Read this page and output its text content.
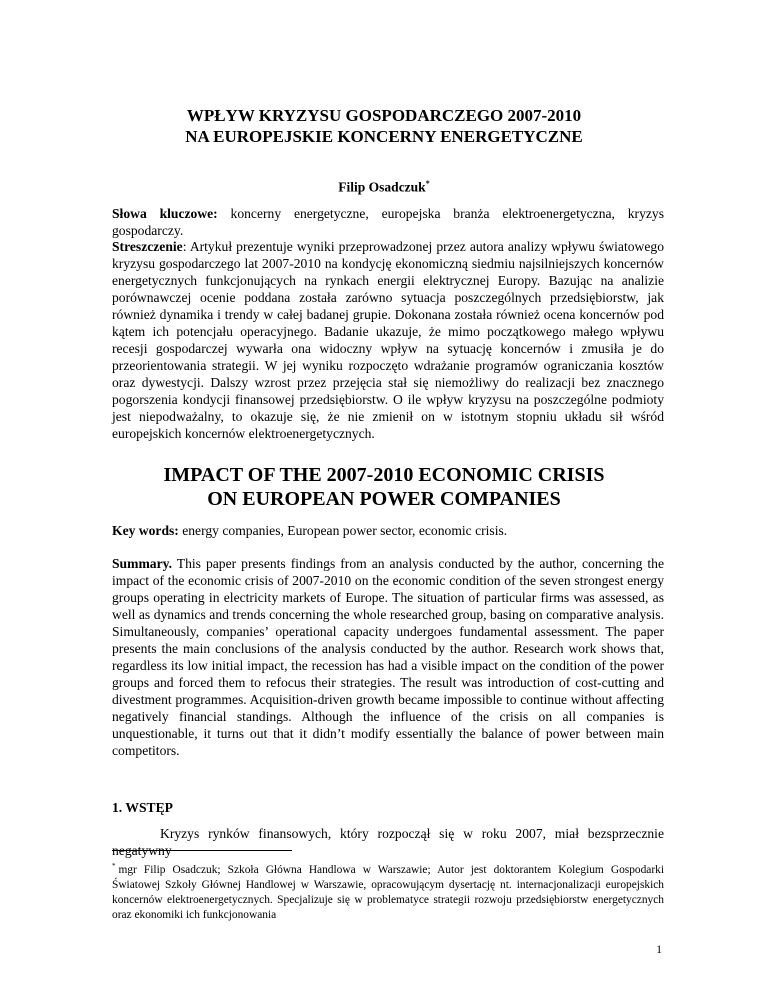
WPŁYW KRYZYSU GOSPODARCZEGO 2007-2010
NA EUROPEJSKIE KONCERNY ENERGETYCZNE
Filip Osadczuk*
Słowa kluczowe: koncerny energetyczne, europejska branża elektroenergetyczna, kryzys gospodarczy.
Streszczenie: Artykuł prezentuje wyniki przeprowadzonej przez autora analizy wpływu światowego kryzysu gospodarczego lat 2007-2010 na kondycję ekonomiczną siedmiu najsilniejszych koncernów energetycznych funkcjonujących na rynkach energii elektrycznej Europy. Bazując na analizie porównawczej ocenie poddana została zarówno sytuacja poszczególnych przedsiębiorstw, jak również dynamika i trendy w całej badanej grupie. Dokonana została również ocena koncernów pod kątem ich potencjału operacyjnego. Badanie ukazuje, że mimo początkowego małego wpływu recesji gospodarczej wywarła ona widoczny wpływ na sytuację koncernów i zmusiła je do przeorientowania strategii. W jej wyniku rozpoczęto wdrażanie programów ograniczania kosztów oraz dywestycji. Dalszy wzrost przez przejęcia stał się niemożliwy do realizacji bez znacznego pogorszenia kondycji finansowej przedsiębiorstw. O ile wpływ kryzysu na poszczególne podmioty jest niepodważalny, to okazuje się, że nie zmienił on w istotnym stopniu układu sił wśród europejskich koncernów elektroenergetycznych.
IMPACT OF THE 2007-2010 ECONOMIC CRISIS
ON EUROPEAN POWER COMPANIES
Key words: energy companies, European power sector, economic crisis.
Summary. This paper presents findings from an analysis conducted by the author, concerning the impact of the economic crisis of 2007-2010 on the economic condition of the seven strongest energy groups operating in electricity markets of Europe. The situation of particular firms was assessed, as well as dynamics and trends concerning the whole researched group, basing on comparative analysis. Simultaneously, companies’ operational capacity undergoes fundamental assessment. The paper presents the main conclusions of the analysis conducted by the author. Research work shows that, regardless its low initial impact, the recession has had a visible impact on the condition of the power groups and forced them to refocus their strategies. The result was introduction of cost-cutting and divestment programmes. Acquisition-driven growth became impossible to continue without affecting negatively financial standings. Although the influence of the crisis on all companies is unquestionable, it turns out that it didn’t modify essentially the balance of power between main competitors.
1. WSTĘP
Kryzys rynków finansowych, który rozpoczął się w roku 2007, miał bezsprzecznie negatywny
* mgr Filip Osadczuk; Szkoła Główna Handlowa w Warszawie; Autor jest doktorantem Kolegium Gospodarki Światowej Szkoły Głównej Handlowej w Warszawie, opracowującym dysertację nt. internacjonalizacji europejskich koncernów elektroenergetycznych. Specjalizuje się w problematyce strategii rozwoju przedsiębiorstw energetycznych oraz ekonomiki ich funkcjonowania
1
